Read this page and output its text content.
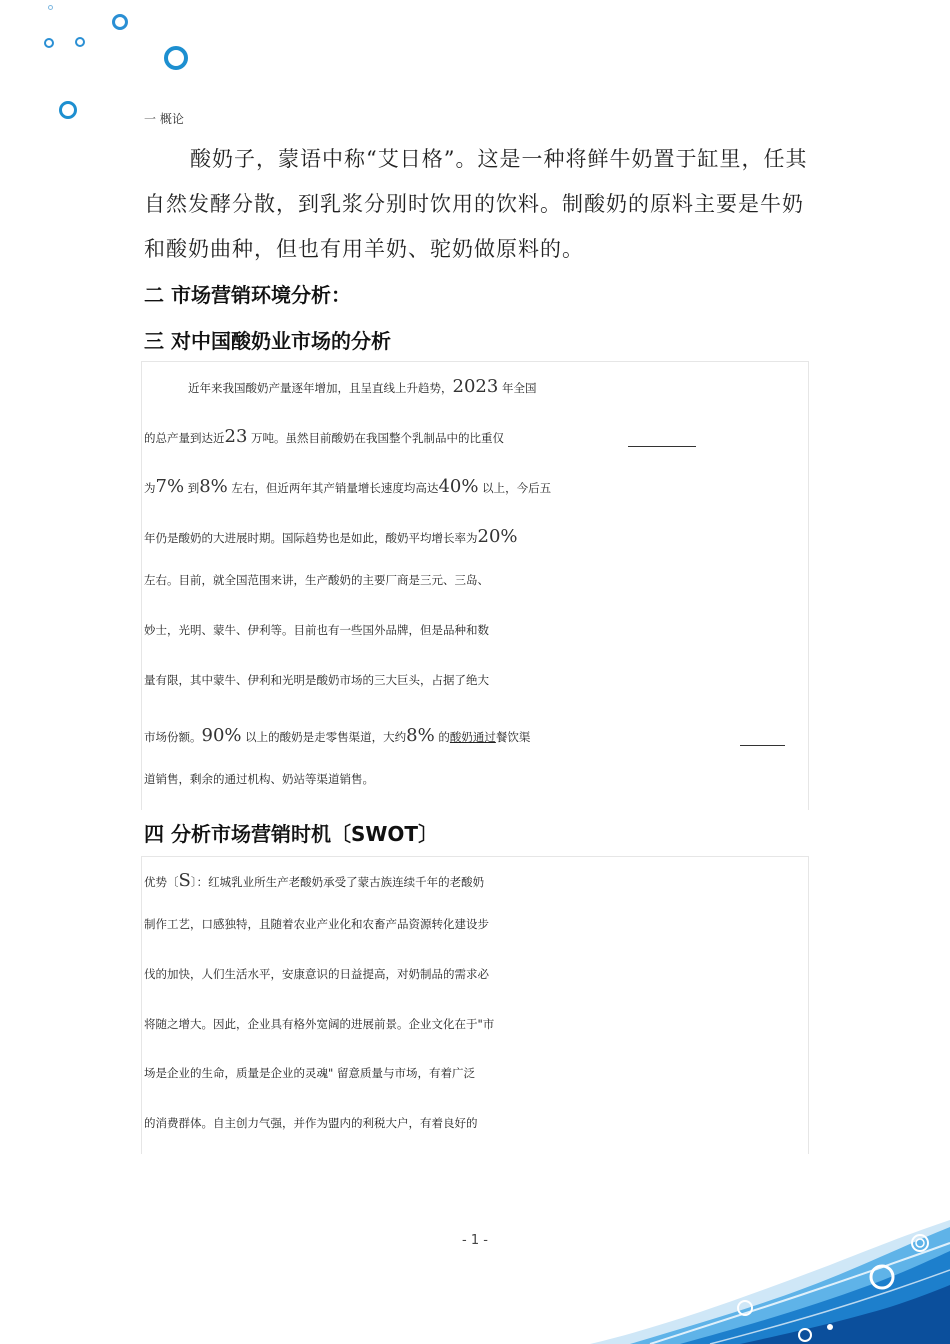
一 概论
酸奶子，蒙语中称“艾日格”。这是一种将鲜牛奶置于缸里，任其
自然发酵分散，到乳浆分别时饮用的饮料。制酸奶的原料主要是牛奶
和酸奶曲种，但也有用羊奶、驼奶做原料的。
二 市场营销环境分析：
三 对中国酸奶业市场的分析
近年来我国酸奶产量逐年增加，且呈直线上升趋势，2023 年全国
的总产量到达近23 万吨。虽然目前酸奶在我国整个乳制品中的比重仅
为7% 到8% 左右，但近两年其产销量增长速度均高达40% 以上，今后五
年仍是酸奶的大进展时期。国际趋势也是如此，酸奶平均增长率为20%
左右。目前，就全国范围来讲，生产酸奶的主要厂商是三元、三岛、
妙士，光明、蒙牛、伊利等。目前也有一些国外品牌，但是品种和数
量有限，其中蒙牛、伊利和光明是酸奶市场的三大巨头，占据了绝大
市场份额。90% 以上的酸奶是走零售渠道，大约8% 的酸奶通过餐饮渠
道销售，剩余的通过机构、奶站等渠道销售。
四 分析市场营销时机〔SWOT〕
优势〔S〕：红城乳业所生产老酸奶承受了蒙古族连续千年的老酸奶
制作工艺，口感独特，且随着农业产业化和农畜产品资源转化建设步
伐的加快，人们生活水平，安康意识的日益提高，对奶制品的需求必
将随之增大。因此，企业具有格外宽阔的进展前景。企业文化在于"市
场是企业的生命，质量是企业的灵魂" 留意质量与市场，有着广泛
的消费群体。自主创力气强，并作为盟内的利税大户，有着良好的
- 1 -
